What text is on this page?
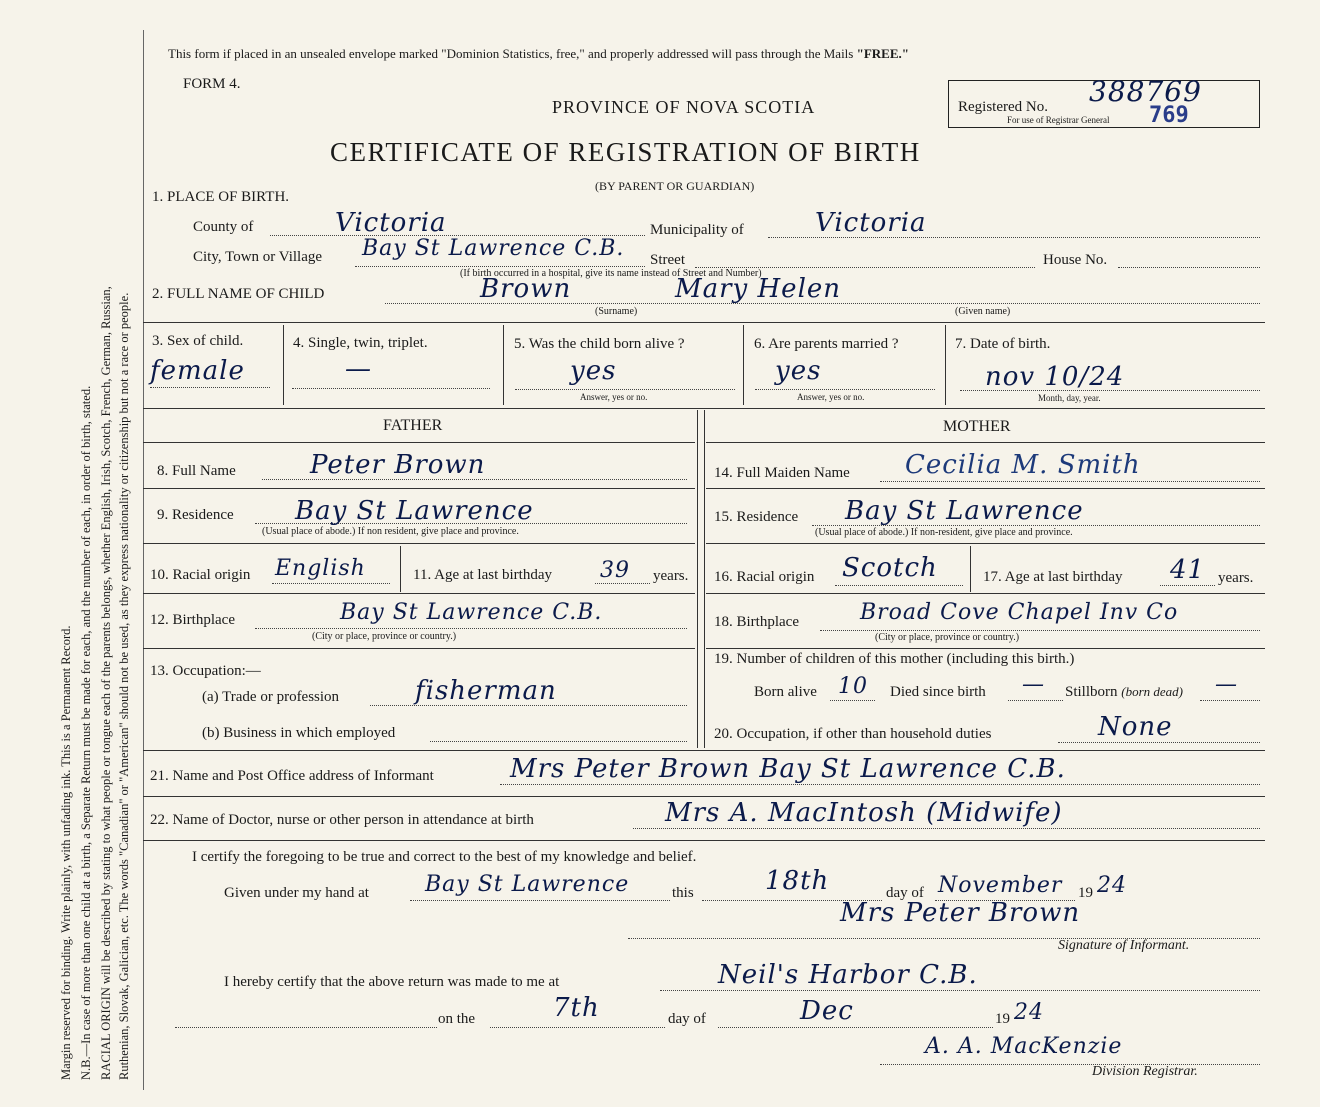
Margin reserved for binding. Write plainly, with unfading ink. This is a Permanent Record. N.B.—In case of more than one child at a birth, a Separate Return must be made for each, and the number of each, in order of birth, stated. RACIAL ORIGIN will be described by stating to what people or tongue each of the parents belongs, whether English, Irish, Scotch, French, German, Russian, Ruthenian, Slovak, Galician, etc. The words "Canadian" or "American" should not be used, as they express nationality or citizenship but not a race or people.
This form if placed in an unsealed envelope marked "Dominion Statistics, free," and properly addressed will pass through the Mails "FREE."
FORM 4.
PROVINCE OF NOVA SCOTIA	Registered No. 388769
For use of Registrar General 769
CERTIFICATE OF REGISTRATION OF BIRTH
(BY PARENT OR GUARDIAN)
1. PLACE OF BIRTH.
County of	Victoria	Municipality of	Victoria
City, Town or Village Bay St Lawrence C.B. Street	House No.
(If birth occurred in a hospital, give its name instead of Street and Number)
2. FULL NAME OF CHILD	Brown	Mary Helen
(Surname)	(Given name)
3. Sex of child.
female
4. Single, twin, triplet.
—
5. Was the child born alive ?
yes
Answer, yes or no.
6. Are parents married ?
yes
Answer, yes or no.
7. Date of birth.
nov 10/24
Month, day, year.
FATHER	MOTHER
8. Full Name	Peter Brown
9. Residence Bay St Lawrence
(Usual place of abode.) If non resident, give place and province.
10. Racial origin English	11. Age at last birthday 39 years.
12. Birthplace	Bay St Lawrence C.B.
(City or place, province or country.)
13. Occupation:—
(a) Trade or profession	fisherman
(b) Business in which employed
14. Full Maiden Name Cecilia M. Smith
15. Residence Bay St Lawrence
(Usual place of abode.) If non-resident, give place and province.
16. Racial origin Scotch	17. Age at last birthday 41 years.
18. Birthplace	Broad Cove Chapel Inv Co
(City or place, province or country.)
19. Number of children of this mother (including this birth.)
Born alive 10 Died since birth — Stillborn (born dead) —
20. Occupation, if other than household duties	None
21. Name and Post Office address of Informant	Mrs Peter Brown Bay St Lawrence C.B.
22. Name of Doctor, nurse or other person in attendance at birth	Mrs A. MacIntosh (Midwife)
I certify the foregoing to be true and correct to the best of my knowledge and belief.
Given under my hand at	Bay St Lawrence	this	18th	day of November 19 24
Mrs Peter Brown
Signature of Informant.
I hereby certify that the above return was made to me at	Neil's Harbor C.B.
on the	7th	day of	Dec	19 24
A. A. MacKenzie
Division Registrar.
